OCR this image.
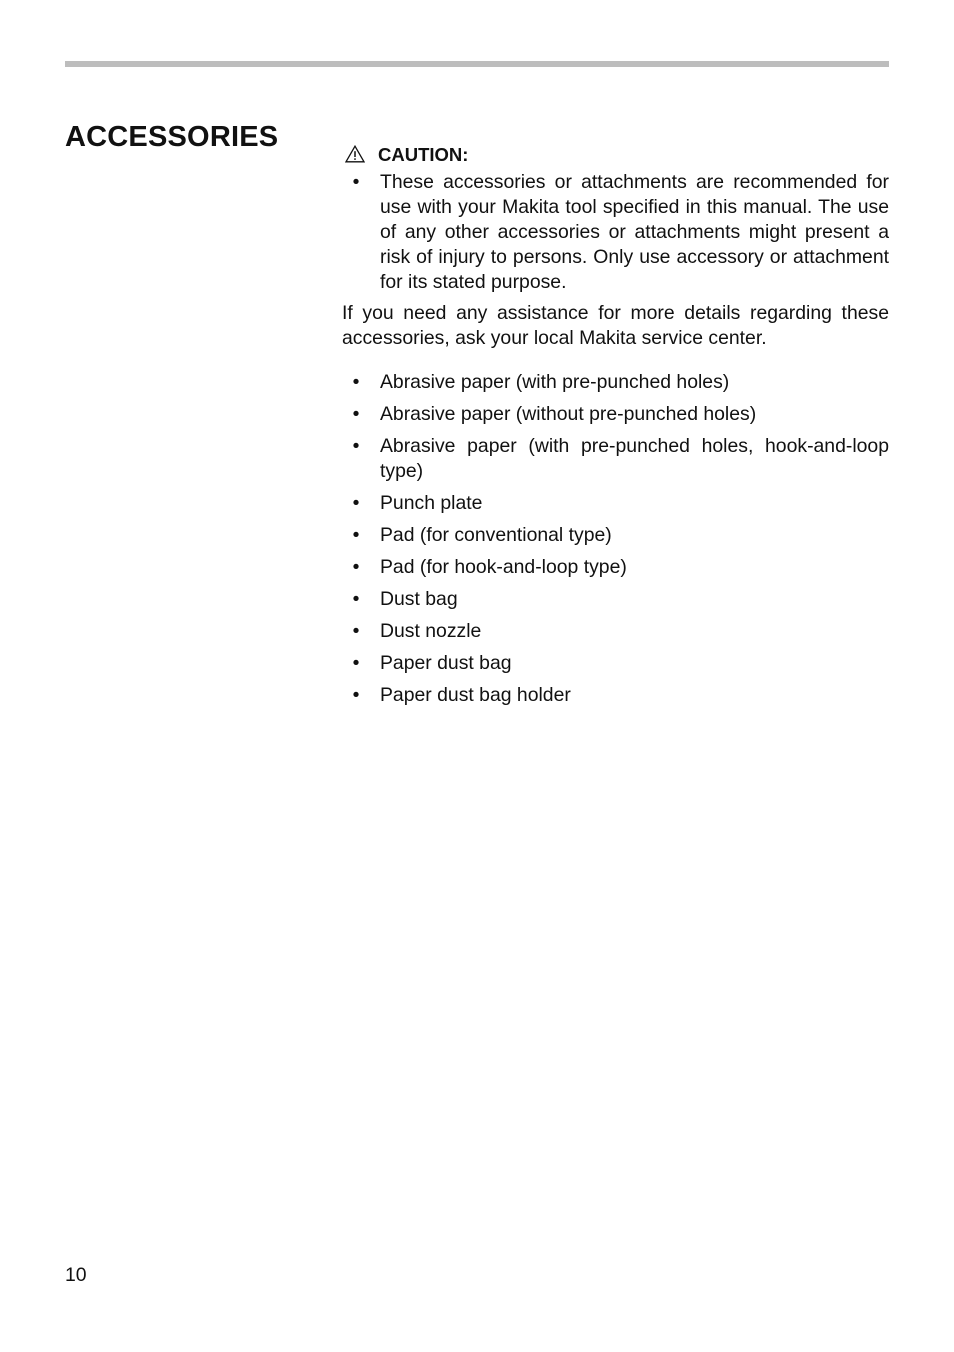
ACCESSORIES
CAUTION:
• These accessories or attachments are recommended for use with your Makita tool specified in this manual. The use of any other accessories or attachments might present a risk of injury to persons. Only use accessory or attachment for its stated purpose.

If you need any assistance for more details regarding these accessories, ask your local Makita service center.

• Abrasive paper (with pre-punched holes)
• Abrasive paper (without pre-punched holes)
• Abrasive paper (with pre-punched holes, hook-and-loop type)
• Punch plate
• Pad (for conventional type)
• Pad (for hook-and-loop type)
• Dust bag
• Dust nozzle
• Paper dust bag
• Paper dust bag holder
10
